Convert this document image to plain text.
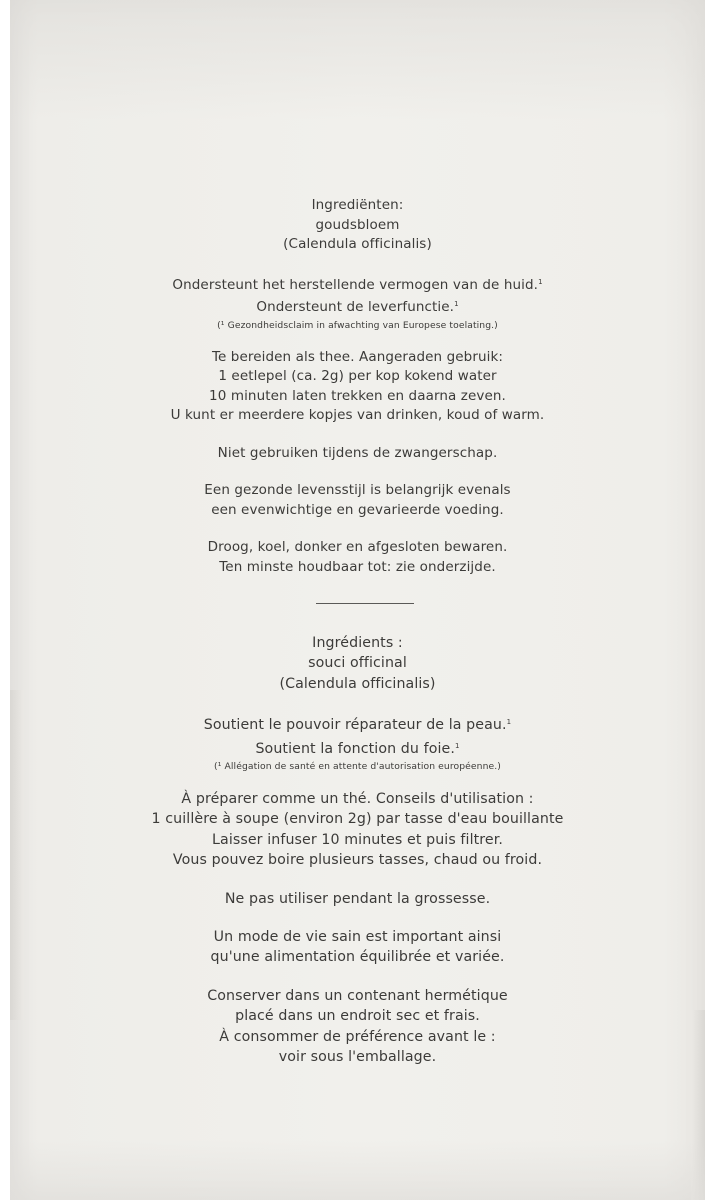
Ingrediënten:
goudsbloem
(Calendula officinalis)
Ondersteunt het herstellende vermogen van de huid.$^1$
Ondersteunt de leverfunctie.$^1$
(¹ Gezondheidsclaim in afwachting van Europese toelating.)
Te bereiden als thee. Aangeraden gebruik:
1 eetlepel (ca. 2g) per kop kokend water
10 minuten laten trekken en daarna zeven.
U kunt er meerdere kopjes van drinken, koud of warm.
Niet gebruiken tijdens de zwangerschap.
Een gezonde levensstijl is belangrijk evenals
een evenwichtige en gevarieerde voeding.
Droog, koel, donker en afgesloten bewaren.
Ten minste houdbaar tot: zie onderzijde.
Ingrédients :
souci officinal
(Calendula officinalis)
Soutient le pouvoir réparateur de la peau.$^1$
Soutient la fonction du foie.$^1$
(¹ Allégation de santé en attente d'autorisation européenne.)
À préparer comme un thé. Conseils d'utilisation :
1 cuillère à soupe (environ 2g) par tasse d'eau bouillante
Laisser infuser 10 minutes et puis filtrer.
Vous pouvez boire plusieurs tasses, chaud ou froid.
Ne pas utiliser pendant la grossesse.
Un mode de vie sain est important ainsi
qu'une alimentation équilibrée et variée.
Conserver dans un contenant hermétique
placé dans un endroit sec et frais.
À consommer de préférence avant le :
voir sous l'emballage.
